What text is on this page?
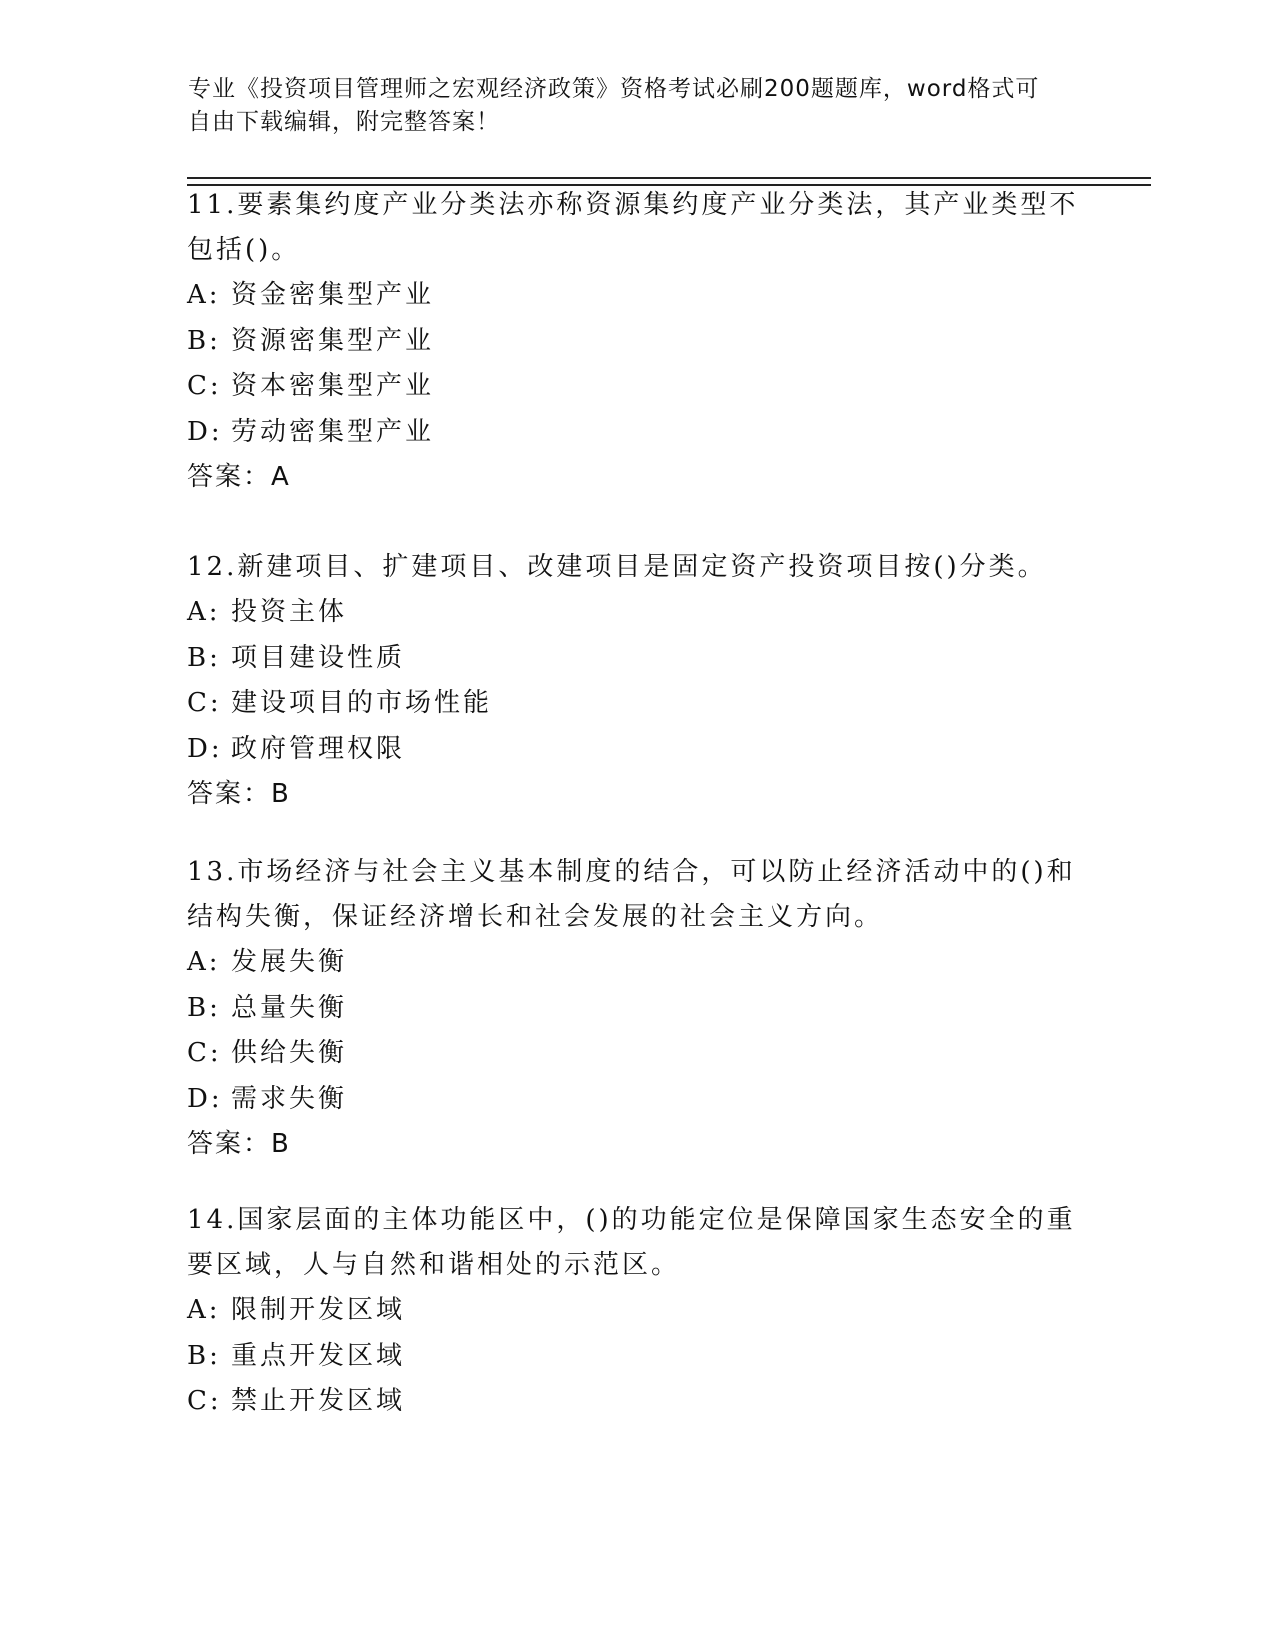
专业《投资项目管理师之宏观经济政策》资格考试必刷200题题库，word格式可
自由下载编辑，附完整答案！

11.要素集约度产业分类法亦称资源集约度产业分类法，其产业类型不包括()。

A: 资金密集型产业
B: 资源密集型产业
C: 资本密集型产业
D: 劳动密集型产业
答案：A

12.新建项目、扩建项目、改建项目是固定资产投资项目按()分类。

A: 投资主体
B: 项目建设性质
C: 建设项目的市场性能
D: 政府管理权限
答案：B

13.市场经济与社会主义基本制度的结合，可以防止经济活动中的()和结构失衡，保证经济增长和社会发展的社会主义方向。

A: 发展失衡
B: 总量失衡
C: 供给失衡
D: 需求失衡
答案：B

14.国家层面的主体功能区中，()的功能定位是保障国家生态安全的重要区域，人与自然和谐相处的示范区。

A: 限制开发区域
B: 重点开发区域
C: 禁止开发区域
